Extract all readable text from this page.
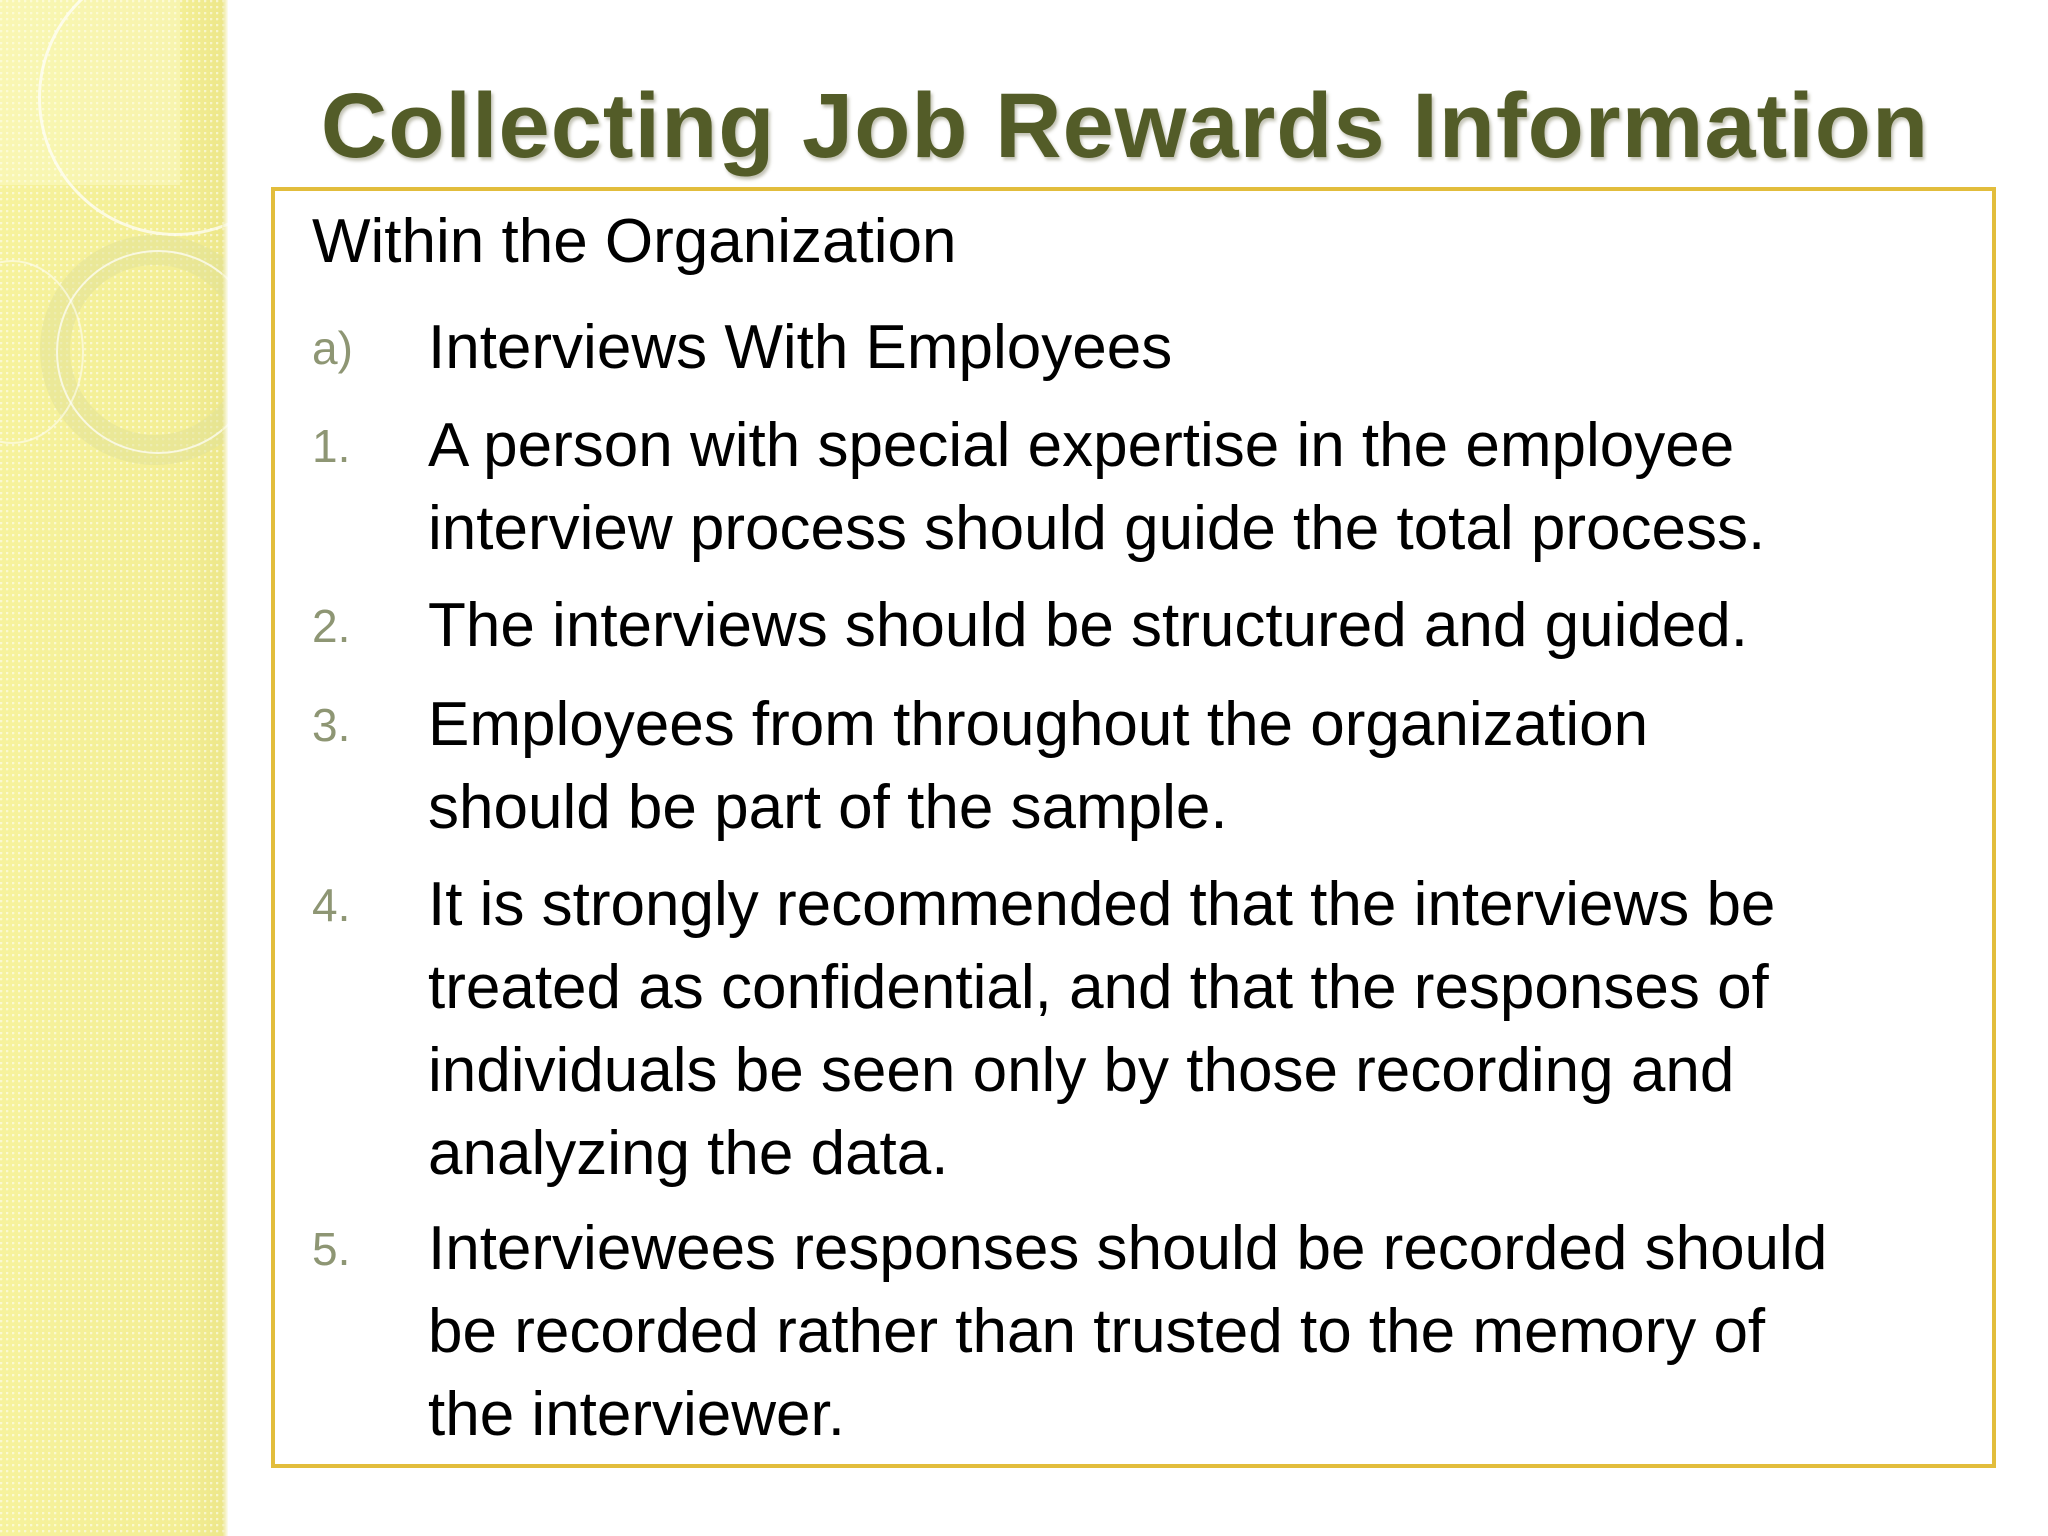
Collecting Job Rewards Information
Within the Organization
a) Interviews With Employees
1. A person with special expertise in the employee
interview process should guide the total process.
2. The interviews should be structured and guided.
3. Employees from throughout the organization
should be part of the sample.
4. It is strongly recommended that the interviews be
treated as confidential, and that the responses of
individuals be seen only by those recording and
analyzing the data.
5. Interviewees responses should be recorded should
be recorded rather than trusted to the memory of
the interviewer.
